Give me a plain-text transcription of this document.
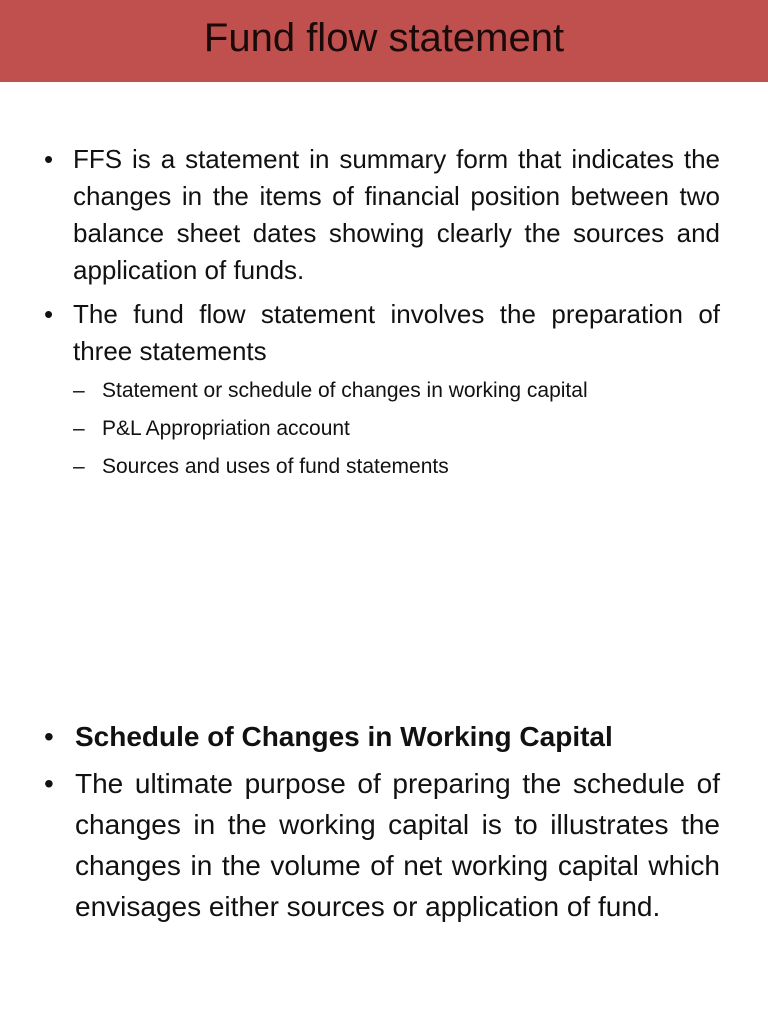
Fund flow statement
• FFS is a statement in summary form that indicates the changes in the items of financial position between two balance sheet dates showing clearly the sources and application of funds.
• The fund flow statement involves the preparation of three statements
– Statement or schedule of changes in working capital
– P&L Appropriation account
– Sources and uses of fund statements
• Schedule of Changes in Working Capital
• The ultimate purpose of preparing the schedule of changes in the working capital is to illustrates the changes in the volume of net working capital which envisages either sources or application of fund.
